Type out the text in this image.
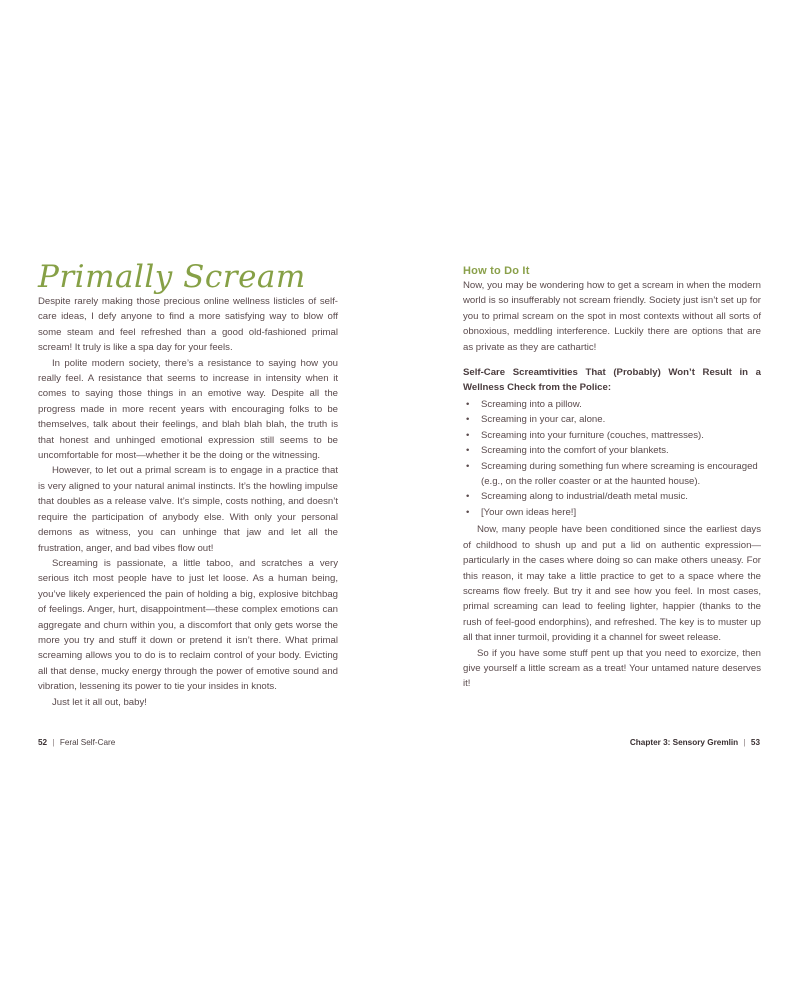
Primally Scream

Despite rarely making those precious online wellness listicles of self-care ideas, I defy anyone to find a more satisfying way to blow off some steam and feel refreshed than a good old-fashioned primal scream! It truly is like a spa day for your feels.

In polite modern society, there’s a resistance to saying how you really feel. A resistance that seems to increase in intensity when it comes to saying those things in an emotive way. Despite all the progress made in more recent years with encouraging folks to be themselves, talk about their feelings, and blah blah blah, the truth is that honest and unhinged emotional expression still seems to be uncomfortable for most—whether it be the doing or the witnessing.

However, to let out a primal scream is to engage in a practice that is very aligned to your natural animal instincts. It’s the howling impulse that doubles as a release valve. It’s simple, costs nothing, and doesn’t require the participation of anybody else. With only your personal demons as witness, you can unhinge that jaw and let all the frustration, anger, and bad vibes flow out!

Screaming is passionate, a little taboo, and scratches a very serious itch most people have to just let loose. As a human being, you’ve likely experienced the pain of holding a big, explosive bitchbag of feelings. Anger, hurt, disappointment—these complex emotions can aggregate and churn within you, a discomfort that only gets worse the more you try and stuff it down or pretend it isn’t there. What primal screaming allows you to do is to reclaim control of your body. Evicting all that dense, mucky energy through the power of emotive sound and vibration, lessening its power to tie your insides in knots.

Just let it all out, baby!

How to Do It

Now, you may be wondering how to get a scream in when the modern world is so insufferably not scream friendly. Society just isn’t set up for you to primal scream on the spot in most contexts without all sorts of obnoxious, meddling interference. Luckily there are options that are as private as they are cathartic!

Self-Care Screamtivities That (Probably) Won’t Result in a Wellness Check from the Police:

• Screaming into a pillow.
• Screaming in your car, alone.
• Screaming into your furniture (couches, mattresses).
• Screaming into the comfort of your blankets.
• Screaming during something fun where screaming is encouraged (e.g., on the roller coaster or at the haunted house).
• Screaming along to industrial/death metal music.
• [Your own ideas here!]

Now, many people have been conditioned since the earliest days of childhood to shush up and put a lid on authentic expression—particularly in the cases where doing so can make others uneasy. For this reason, it may take a little practice to get to a space where the screams flow freely. But try it and see how you feel. In most cases, primal screaming can lead to feeling lighter, happier (thanks to the rush of feel-good endorphins), and refreshed. The key is to muster up all that inner turmoil, providing it a channel for sweet release.

So if you have some stuff pent up that you need to exorcize, then give yourself a little scream as a treat! Your untamed nature deserves it!

52 | Feral Self-Care	Chapter 3: Sensory Gremlin | 53
